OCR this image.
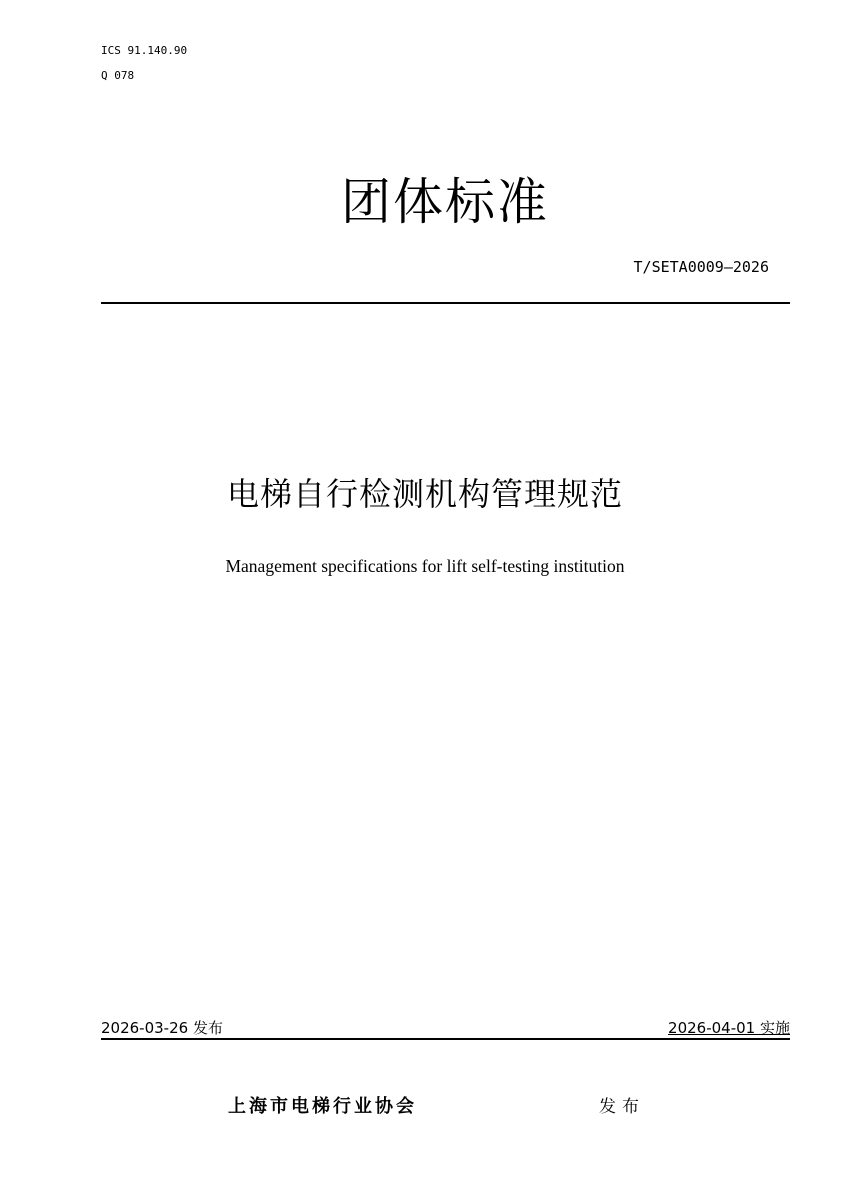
ICS 91.140.90
Q 078
团体标准
T/SETA0009—2026
电梯自行检测机构管理规范
Management specifications for lift self-testing institution
2026-03-26 发布	2026-04-01 实施
上海市电梯行业协会	发布
